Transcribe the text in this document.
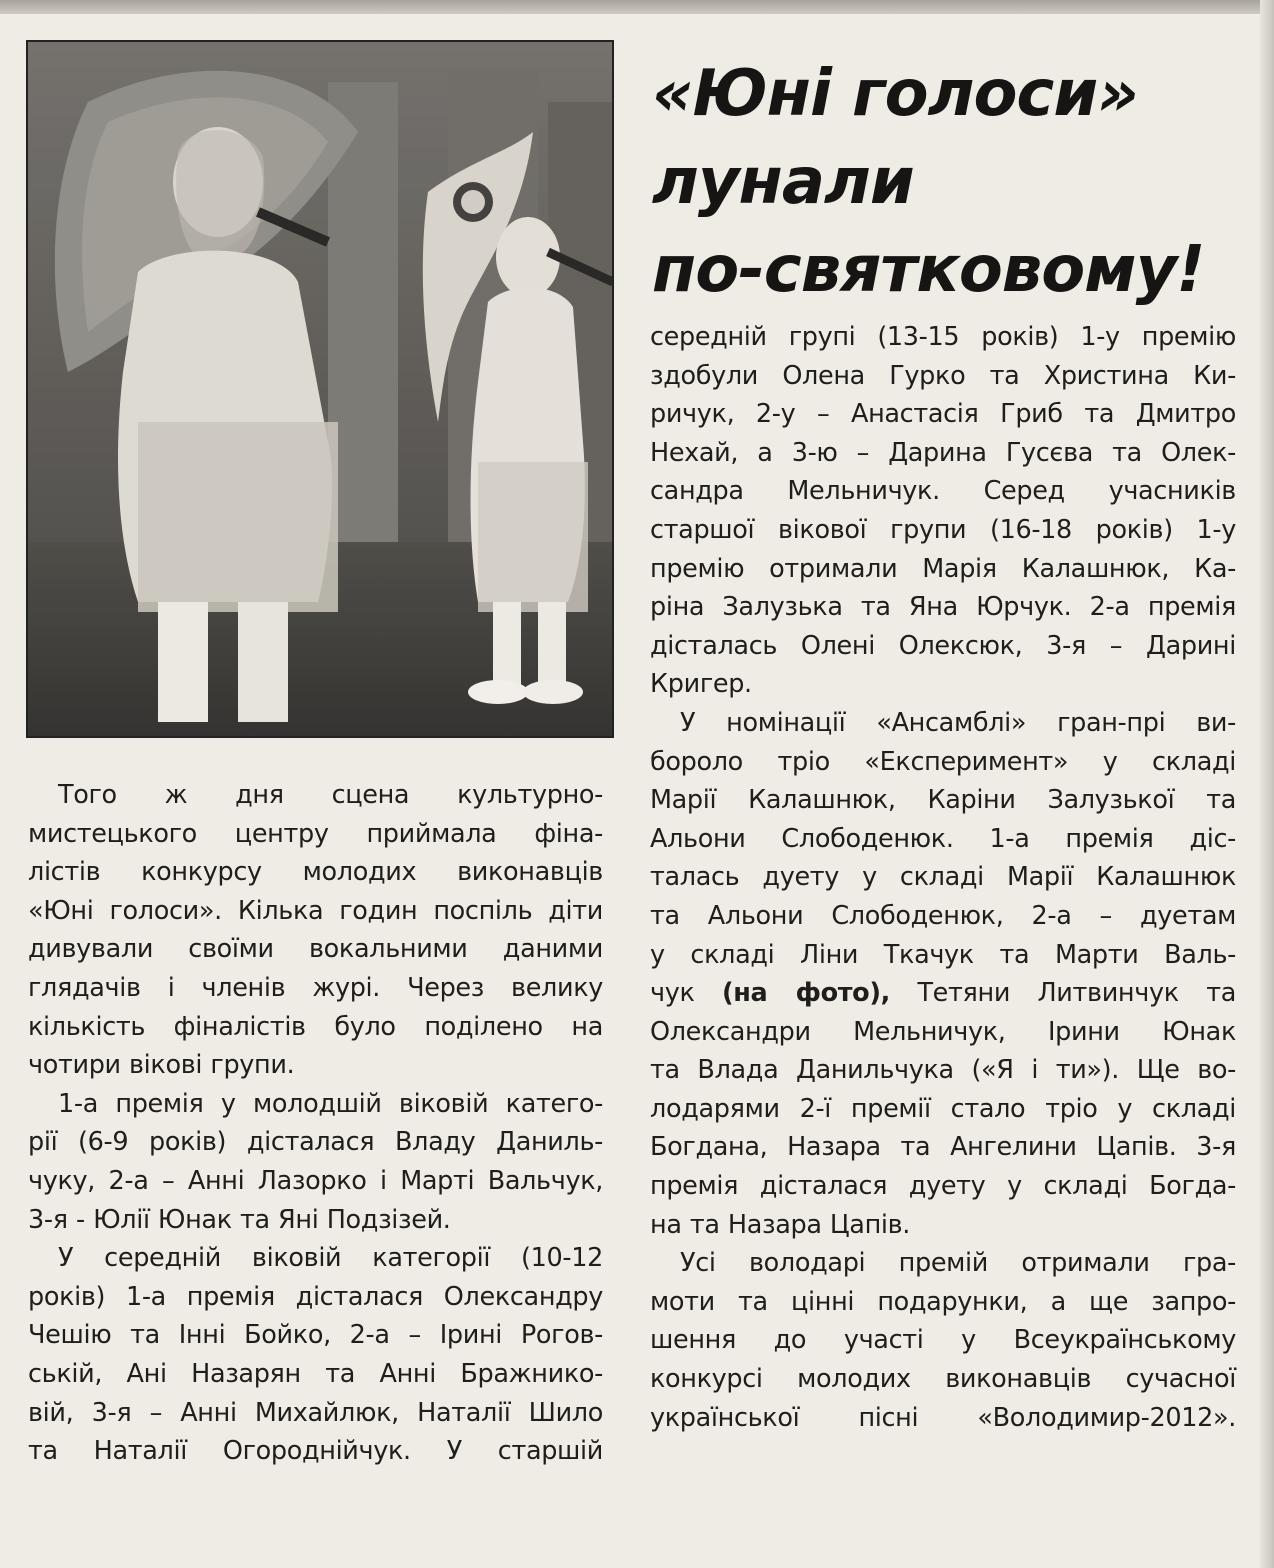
«Юні голоси»
лунали
по-святковому!
Того ж дня сцена культурно-
мистецького центру приймала фіна-
лістів конкурсу молодих виконавців
«Юні голоси». Кілька годин поспіль діти
дивували своїми вокальними даними
глядачів і членів журі. Через велику
кількість фіналістів було поділено на
чотири вікові групи.
1-а премія у молодшій віковій катего-
рії (6-9 років) дісталася Владу Даниль-
чуку, 2-а – Анні Лазорко і Марті Вальчук,
3-я - Юлії Юнак та Яні Подзізей.
У середній віковій категорії (10-12
років) 1-а премія дісталася Олександру
Чешію та Інні Бойко, 2-а – Ірині Рогов-
ській, Ані Назарян та Анні Бражнико-
вій, 3-я – Анні Михайлюк, Наталії Шило
та Наталії Огороднійчук. У старшій
середній групі (13-15 років) 1-у премію
здобули Олена Гурко та Христина Ки-
ричук, 2-у – Анастасія Гриб та Дмитро
Нехай, а 3-ю – Дарина Гусєва та Олек-
сандра Мельничук. Серед учасників
старшої вікової групи (16-18 років) 1-у
премію отримали Марія Калашнюк, Ка-
ріна Залузька та Яна Юрчук. 2-а премія
дісталась Олені Олексюк, 3-я – Дарині
Кригер.
У номінації «Ансамблі» гран-прі ви-
бороло тріо «Експеримент» у складі
Марії Калашнюк, Каріни Залузької та
Альони Слободенюк. 1-а премія діс-
талась дуету у складі Марії Калашнюк
та Альони Слободенюк, 2-а – дуетам
у складі Ліни Ткачук та Марти Валь-
чук (на фото), Тетяни Литвинчук та
Олександри Мельничук, Ірини Юнак
та Влада Данильчука («Я і ти»). Ще во-
лодарями 2-ї премії стало тріо у складі
Богдана, Назара та Ангелини Цапів. 3-я
премія дісталася дуету у складі Богда-
на та Назара Цапів.
Усі володарі премій отримали гра-
моти та цінні подарунки, а ще запро-
шення до участі у Всеукраїнському
конкурсі молодих виконавців сучасної
української пісні «Володимир-2012».
